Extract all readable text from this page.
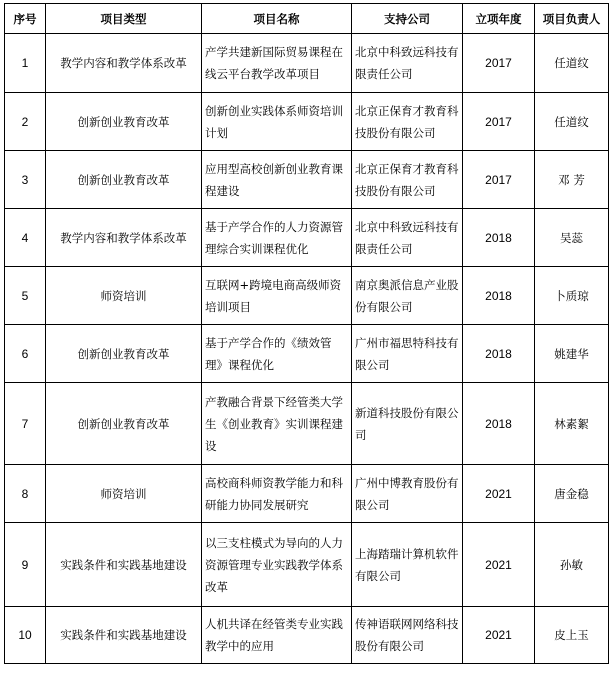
序号	项目类型	项目名称	支持公司	立项年度	项目负责人
1	教学内容和教学体系改革	产学共建新国际贸易课程在线云平台教学改革项目	北京中科致远科技有限责任公司	2017	任道纹
2	创新创业教育改革	创新创业实践体系师资培训计划	北京正保育才教育科技股份有限公司	2017	任道纹
3	创新创业教育改革	应用型高校创新创业教育课程建设	北京正保育才教育科技股份有限公司	2017	邓 芳
4	教学内容和教学体系改革	基于产学合作的人力资源管理综合实训课程优化	北京中科致远科技有限责任公司	2018	吴蕊
5	师资培训	互联网+跨境电商高级师资培训项目	南京奥派信息产业股份有限公司	2018	卜质琼
6	创新创业教育改革	基于产学合作的《绩效管理》课程优化	广州市福思特科技有限公司	2018	姚建华
7	创新创业教育改革	产教融合背景下经管类大学生《创业教育》实训课程建设	新道科技股份有限公司	2018	林素絮
8	师资培训	高校商科师资教学能力和科研能力协同发展研究	广州中博教育股份有限公司	2021	唐金稳
9	实践条件和实践基地建设	以三支柱模式为导向的人力资源管理专业实践教学体系改革	上海踏瑞计算机软件有限公司	2021	孙敏
10	实践条件和实践基地建设	人机共译在经管类专业实践教学中的应用	传神语联网网络科技股份有限公司	2021	皮上玉
